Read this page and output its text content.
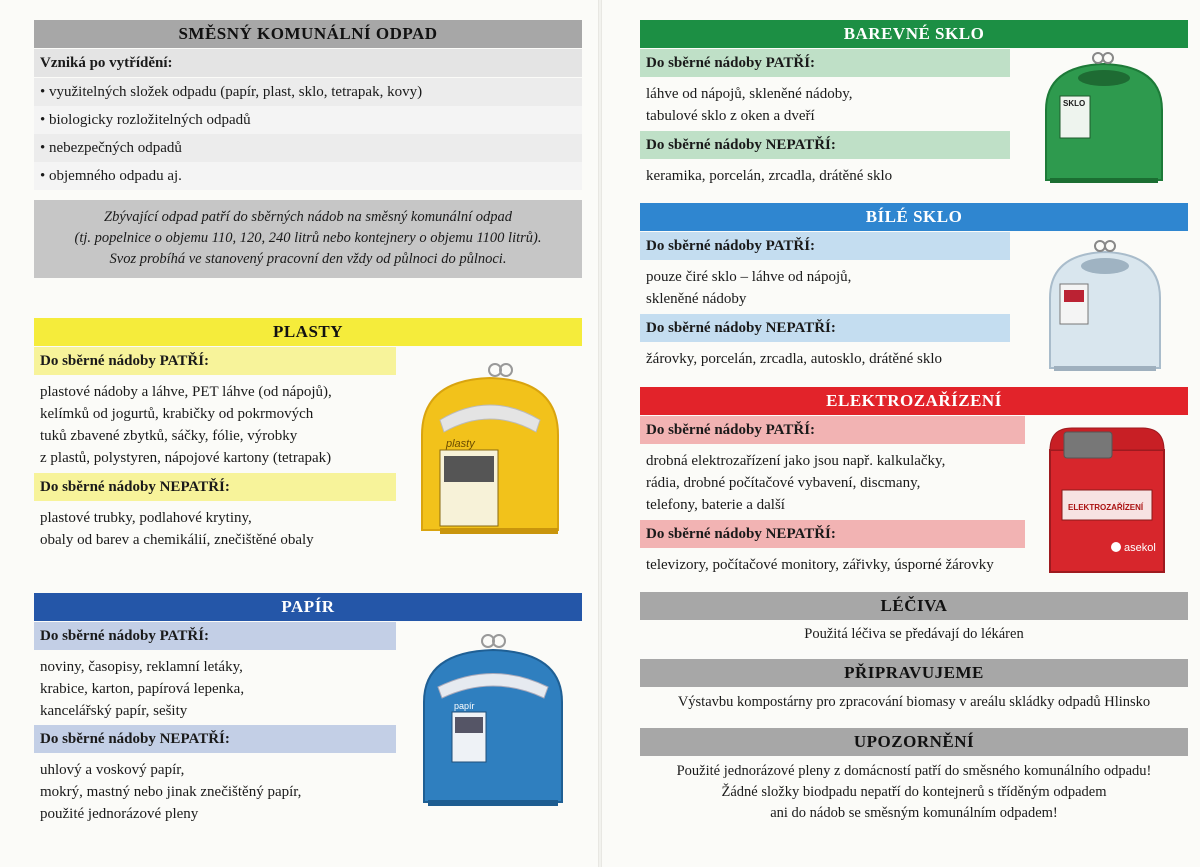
SMĚSNÝ KOMUNÁLNÍ ODPAD
Vzniká po vytřídění:
• využitelných složek odpadu (papír, plast, sklo, tetrapak, kovy)
• biologicky rozložitelných odpadů
• nebezpečných odpadů
• objemného odpadu aj.
Zbývající odpad patří do sběrných nádob na směsný komunální odpad
(tj. popelnice o objemu 110, 120, 240 litrů nebo kontejnery o objemu 1100 litrů).
Svoz probíhá ve stanovený pracovní den vždy od půlnoci do půlnoci.
PLASTY
Do sběrné nádoby PATŘÍ:
plastové nádoby a láhve, PET láhve (od nápojů),
kelímků od jogurtů, krabičky od pokrmových
tuků zbavené zbytků, sáčky, fólie, výrobky
z plastů, polystyren, nápojové kartony (tetrapak)
Do sběrné nádoby NEPATŘÍ:
plastové trubky, podlahové krytiny,
obaly od barev a chemikálií, znečištěné obaly
plasty
PAPÍR
Do sběrné nádoby PATŘÍ:
noviny, časopisy, reklamní letáky,
krabice, karton, papírová lepenka,
kancelářský papír, sešity
Do sběrné nádoby NEPATŘÍ:
uhlový a voskový papír,
mokrý, mastný nebo jinak znečištěný papír,
použité jednorázové pleny
papír
BAREVNÉ SKLO
Do sběrné nádoby PATŘÍ:
láhve od nápojů, skleněné nádoby,
tabulové sklo z oken a dveří
Do sběrné nádoby NEPATŘÍ:
keramika, porcelán, zrcadla, drátěné sklo
SKLO
BÍLÉ SKLO
Do sběrné nádoby PATŘÍ:
pouze čiré sklo – láhve od nápojů,
skleněné nádoby
Do sběrné nádoby NEPATŘÍ:
žárovky, porcelán, zrcadla, autosklo, drátěné sklo
ELEKTROZAŘÍZENÍ
Do sběrné nádoby PATŘÍ:
drobná elektrozařízení jako jsou např. kalkulačky,
rádia, drobné počítačové vybavení, discmany,
telefony, baterie a další
Do sběrné nádoby NEPATŘÍ:
televizory, počítačové monitory, zářivky, úsporné žárovky
ELEKTROZAŘÍZENÍ
asekol
LÉČIVA
Použitá léčiva se předávají do lékáren
PŘIPRAVUJEME
Výstavbu kompostárny pro zpracování biomasy v areálu skládky odpadů Hlinsko
UPOZORNĚNÍ
Použité jednorázové pleny z domácností patří do směsného komunálního odpadu!
Žádné složky biodpadu nepatří do kontejnerů s tříděným odpadem
ani do nádob se směsným komunálním odpadem!
